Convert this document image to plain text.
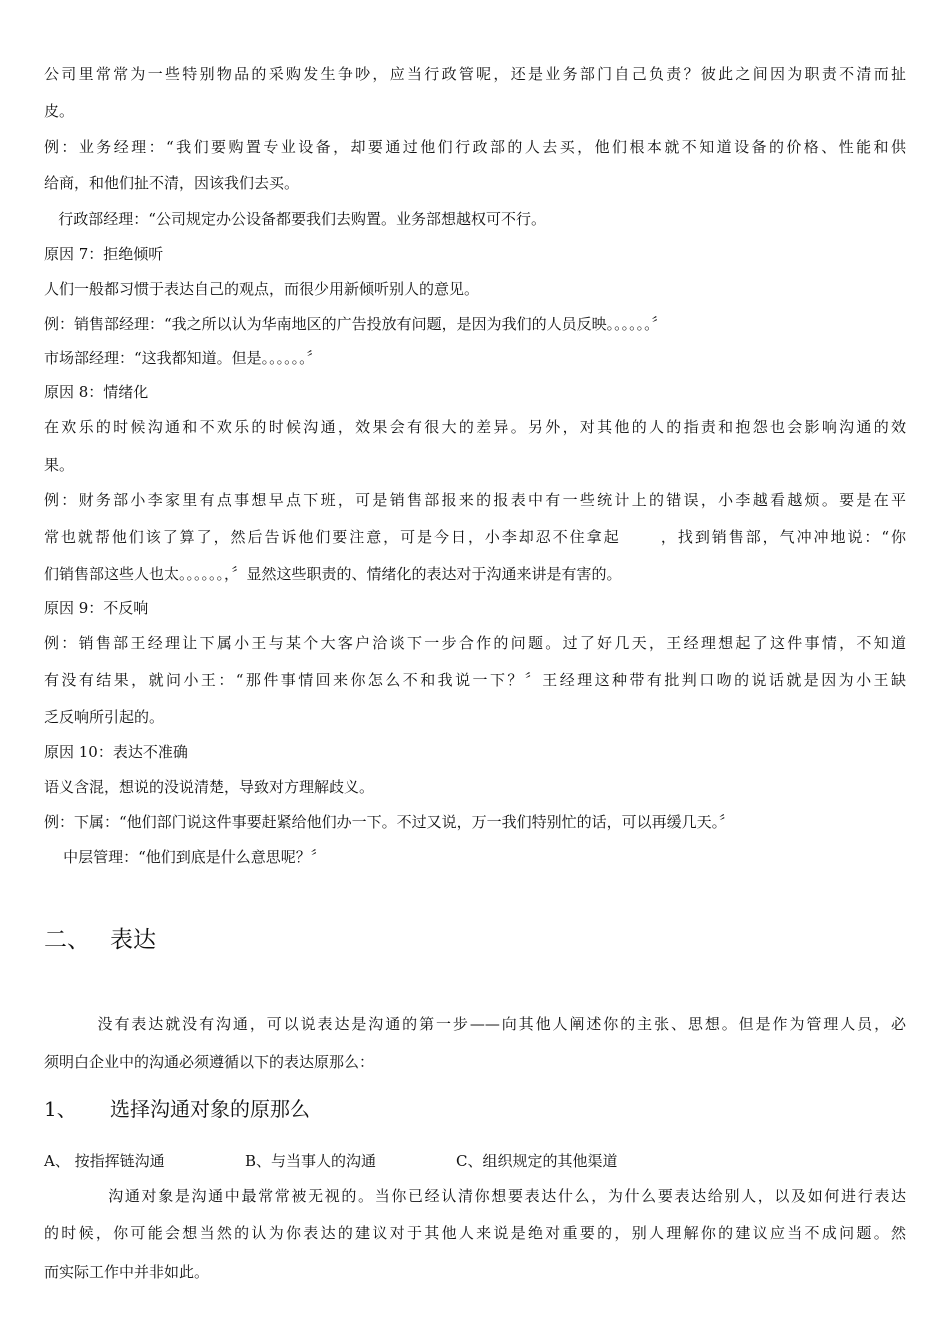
公司里常常为一些特别物品的采购发生争吵，应当行政管呢，还是业务部门自己负责？彼此之间因为职责不清而扯
皮。
例：业务经理：“我们要购置专业设备，却要通过他们行政部的人去买，他们根本就不知道设备的价格、性能和供
给商，和他们扯不清，因该我们去买。
行政部经理：“公司规定办公设备都要我们去购置。业务部想越权可不行。
原因 7：拒绝倾听
人们一般都习惯于表达自己的观点，而很少用新倾听别人的意见。
例：销售部经理：“我之所以认为华南地区的广告投放有问题，是因为我们的人员反映。。。。。。〞
市场部经理：“这我都知道。但是。。。。。。〞
原因 8：情绪化
在欢乐的时候沟通和不欢乐的时候沟通，效果会有很大的差异。另外，对其他的人的指责和抱怨也会影响沟通的效
果。
例：财务部小李家里有点事想早点下班，可是销售部报来的报表中有一些统计上的错误，小李越看越烦。要是在平
常也就帮他们该了算了，然后告诉他们要注意，可是今日，小李却忍不住拿起      ，找到销售部，气冲冲地说：“你
们销售部这些人也太。。。。。。，〞显然这些职责的、情绪化的表达对于沟通来讲是有害的。
原因 9：不反响
例：销售部王经理让下属小王与某个大客户洽谈下一步合作的问题。过了好几天，王经理想起了这件事情，不知道
有没有结果，就问小王：“那件事情回来你怎么不和我说一下？〞王经理这种带有批判口吻的说话就是因为小王缺
乏反响所引起的。
原因 10：表达不准确
语义含混，想说的没说清楚，导致对方理解歧义。
例：下属：“他们部门说这件事要赶紧给他们办一下。不过又说，万一我们特别忙的话，可以再缓几天。〞
中层管理：“他们到底是什么意思呢？〞
二、 表达
没有表达就没有沟通，可以说表达是沟通的第一步——向其他人阐述你的主张、思想。但是作为管理人员，必
须明白企业中的沟通必须遵循以下的表达原那么：
1、 选择沟通对象的原那么
A、 按指挥链沟通	B、与当事人的沟通	C、组织规定的其他渠道
沟通对象是沟通中最常常被无视的。当你已经认清你想要表达什么，为什么要表达给别人，以及如何进行表达
的时候，你可能会想当然的认为你表达的建议对于其他人来说是绝对重要的，别人理解你的建议应当不成问题。然
而实际工作中并非如此。
